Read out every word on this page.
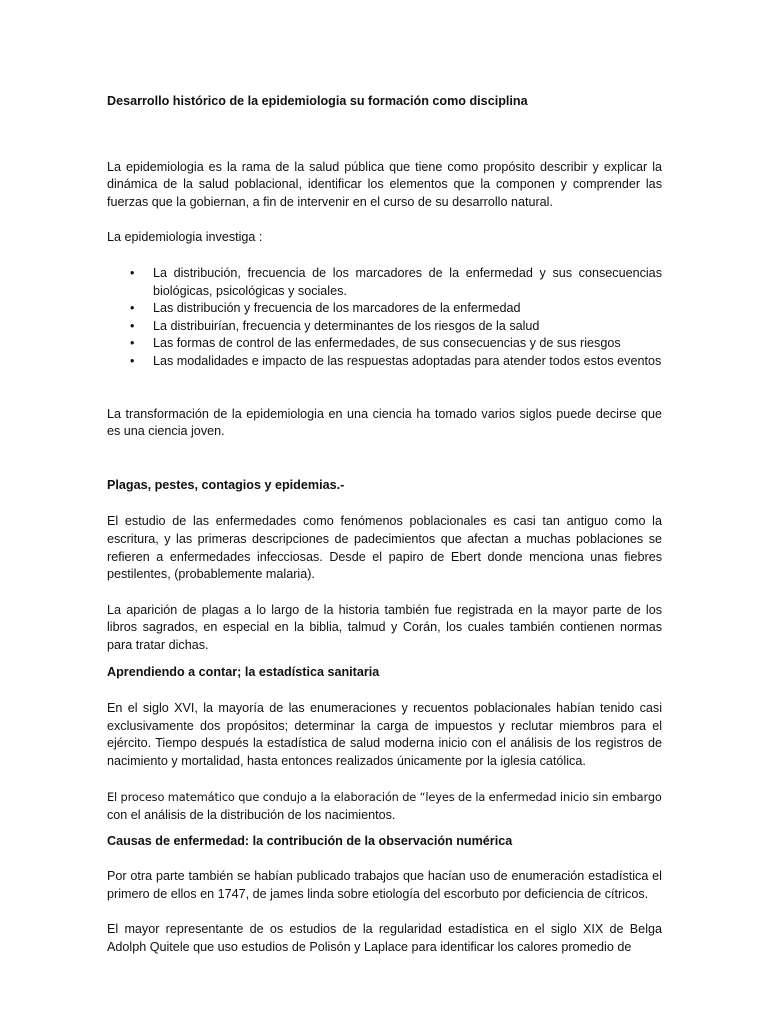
Desarrollo histórico de la epidemiologia su formación como disciplina

La epidemiologia es la rama de la salud pública que tiene como propósito describir y explicar la dinámica de la salud poblacional, identificar los elementos que la componen y comprender las fuerzas que la gobiernan, a fin de intervenir en el curso de su desarrollo natural.

La epidemiologia investiga :

• La distribución, frecuencia de los marcadores de la enfermedad y sus consecuencias biológicas, psicológicas y sociales.
• Las distribución y frecuencia de los marcadores de la enfermedad
• La distribuirían, frecuencia y determinantes de los riesgos de la salud
• Las formas de control de las enfermedades, de sus consecuencias y de sus riesgos
• Las modalidades e impacto de las respuestas adoptadas para atender todos estos eventos

La transformación de la epidemiologia en una ciencia ha tomado varios siglos puede decirse que es una ciencia joven.

Plagas, pestes, contagios y epidemias.-

El estudio de las enfermedades como fenómenos poblacionales es casi tan antiguo como la escritura, y las primeras descripciones de padecimientos que afectan a muchas poblaciones se refieren a enfermedades infecciosas. Desde el papiro de Ebert donde menciona unas fiebres pestilentes, (probablemente malaria).

La aparición de plagas a lo largo de la historia también fue registrada en la mayor parte de los libros sagrados, en especial en la biblia, talmud y Corán, los cuales también contienen normas para tratar dichas.

Aprendiendo a contar; la estadística sanitaria

En el siglo XVI, la mayoría de las enumeraciones y recuentos poblacionales habían tenido casi exclusivamente dos propósitos; determinar la carga de impuestos y reclutar miembros para el ejército. Tiempo después la estadística de salud moderna inicio con el análisis de los registros de nacimiento y mortalidad, hasta entonces realizados únicamente por la iglesia católica.

El proceso matemático que condujo a la elaboración de “leyes de la enfermedad inicio sin embargo
con el análisis de la distribución de los nacimientos.

Causas de enfermedad: la contribución de la observación numérica

Por otra parte también se habían publicado trabajos que hacían uso de enumeración estadística el primero de ellos en 1747, de james linda sobre etiología del escorbuto por deficiencia de cítricos.

El mayor representante de os estudios de la regularidad estadística en el siglo XIX de Belga Adolph Quitele que uso estudios de Polisón y Laplace para identificar los calores promedio de
